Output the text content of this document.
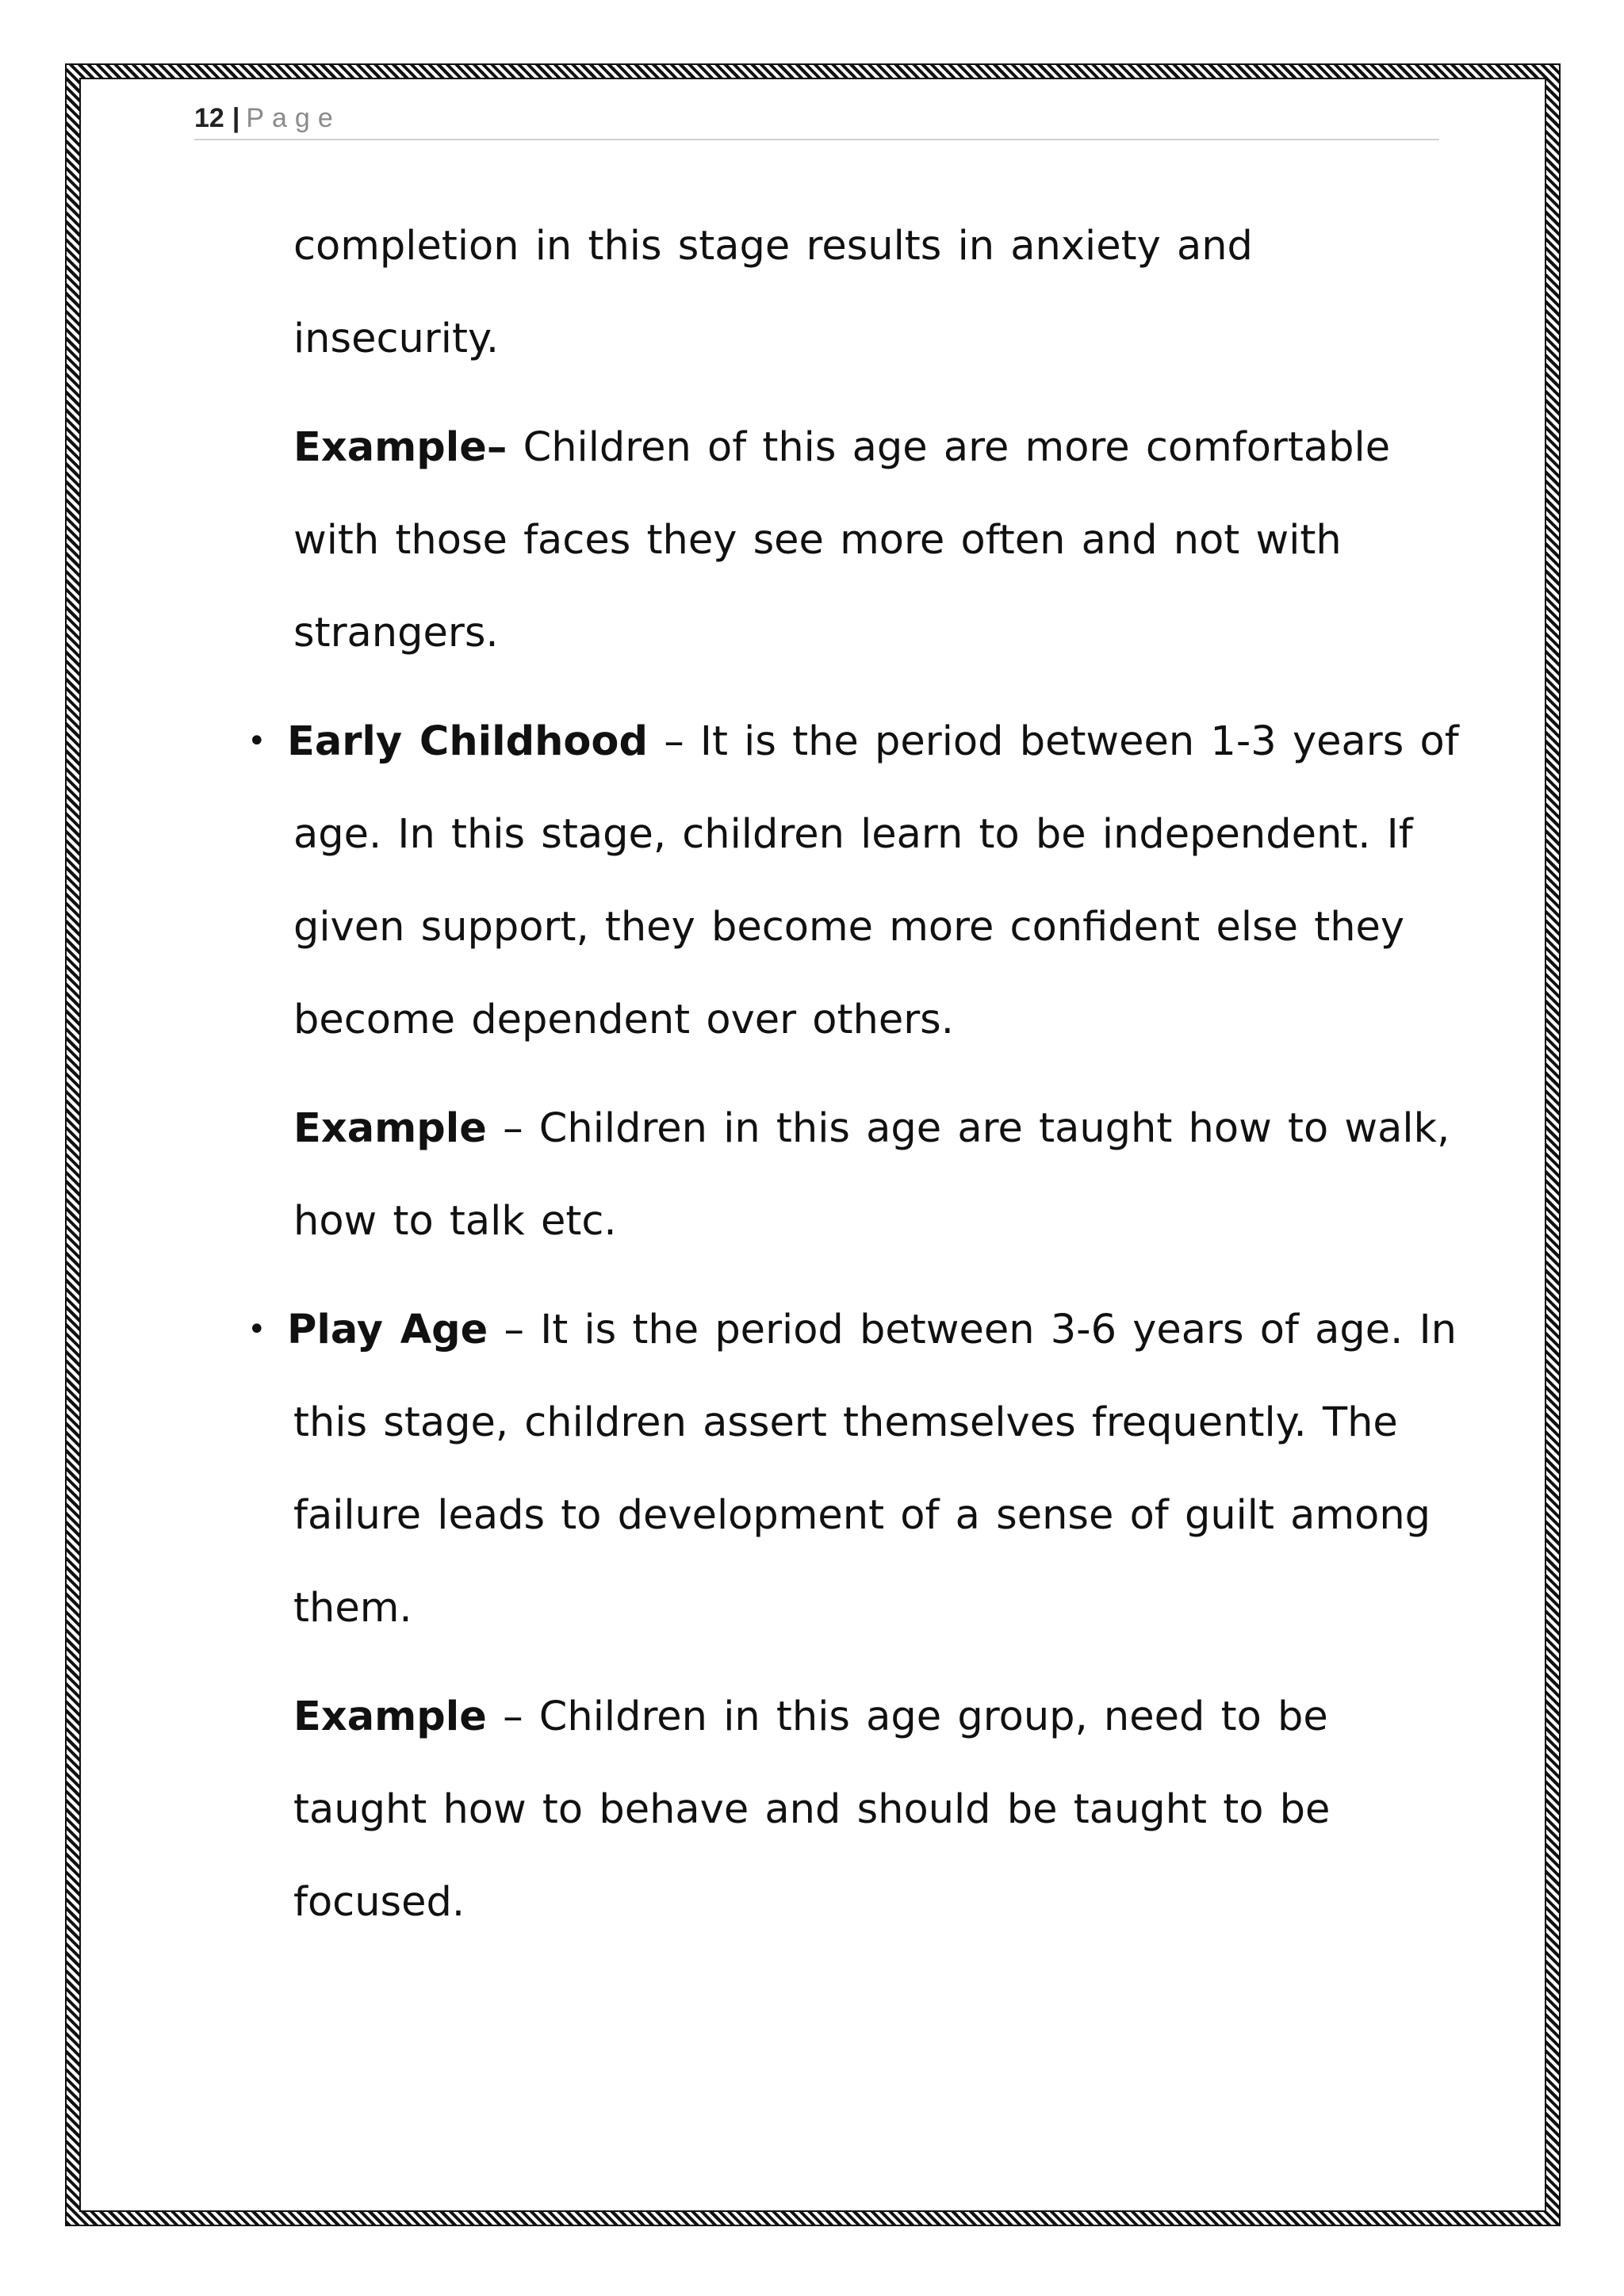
12 | Page

completion in this stage results in anxiety and insecurity.

Example– Children of this age are more comfortable with those faces they see more often and not with strangers.

• Early Childhood – It is the period between 1-3 years of age. In this stage, children learn to be independent. If given support, they become more confident else they become dependent over others.

Example – Children in this age are taught how to walk, how to talk etc.

• Play Age – It is the period between 3-6 years of age. In this stage, children assert themselves frequently. The failure leads to development of a sense of guilt among them.

Example – Children in this age group, need to be taught how to behave and should be taught to be focused.
